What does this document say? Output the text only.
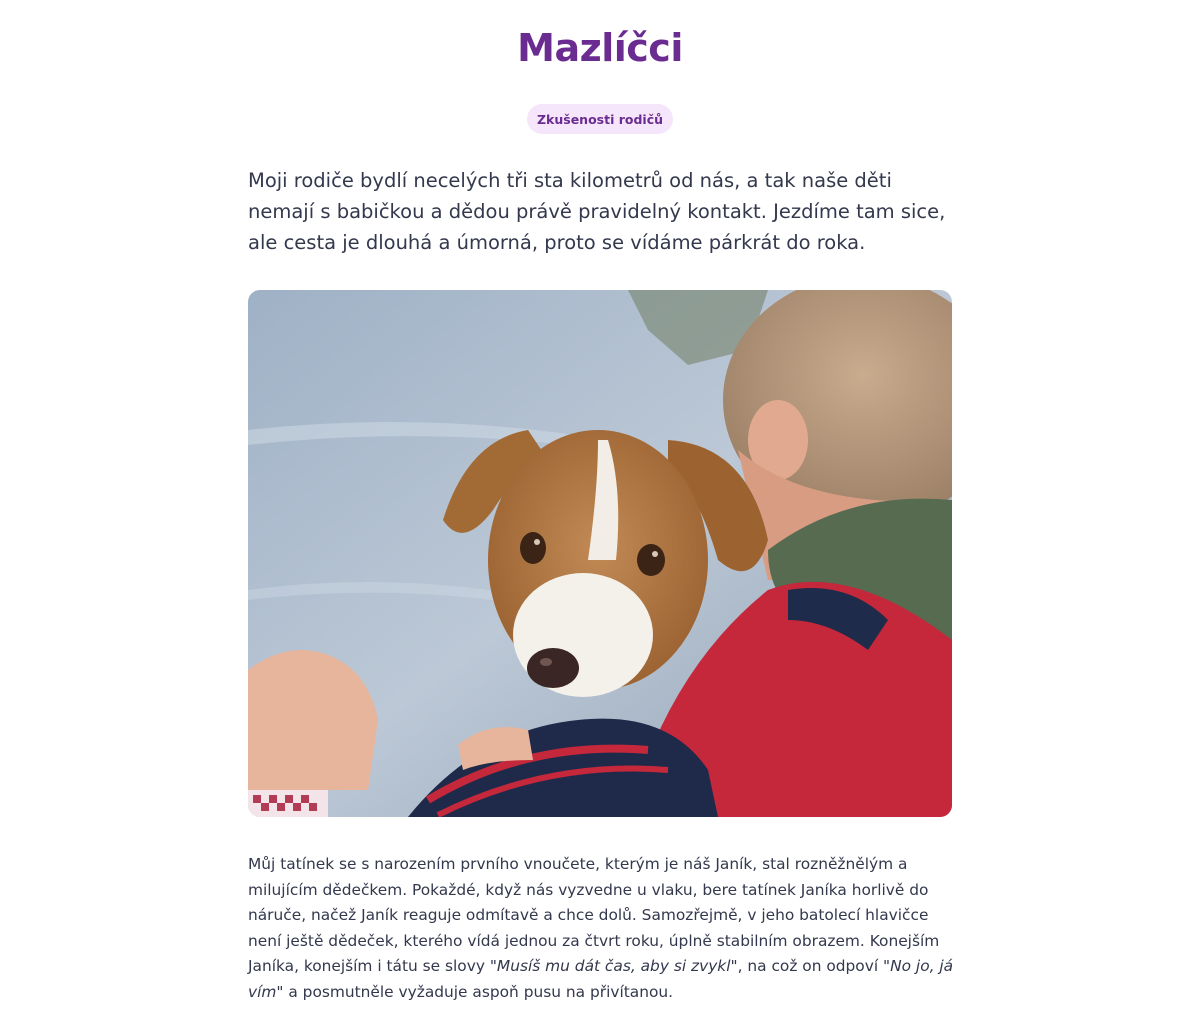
Mazlíčci
Zkušenosti rodičů

Moji rodiče bydlí necelých tři sta kilometrů od nás, a tak naše děti nemají s babičkou a dědou právě pravidelný kontakt. Jezdíme tam sice, ale cesta je dlouhá a úmorná, proto se vídáme párkrát do roka.

Můj tatínek se s narozením prvního vnoučete, kterým je náš Janík, stal rozněžnělým a milujícím dědečkem. Pokaždé, když nás vyzvedne u vlaku, bere tatínek Janíka horlivě do náruče, načež Janík reaguje odmítavě a chce dolů. Samozřejmě, v jeho batolecí hlavičce není ještě dědeček, kterého vídá jednou za čtvrt roku, úplně stabilním obrazem. Konejším Janíka, konejším i tátu se slovy "Musíš mu dát čas, aby si zvykl", na což on odpoví "No jo, já vím" a posmutněle vyžaduje aspoň pusu na přivítanou.
